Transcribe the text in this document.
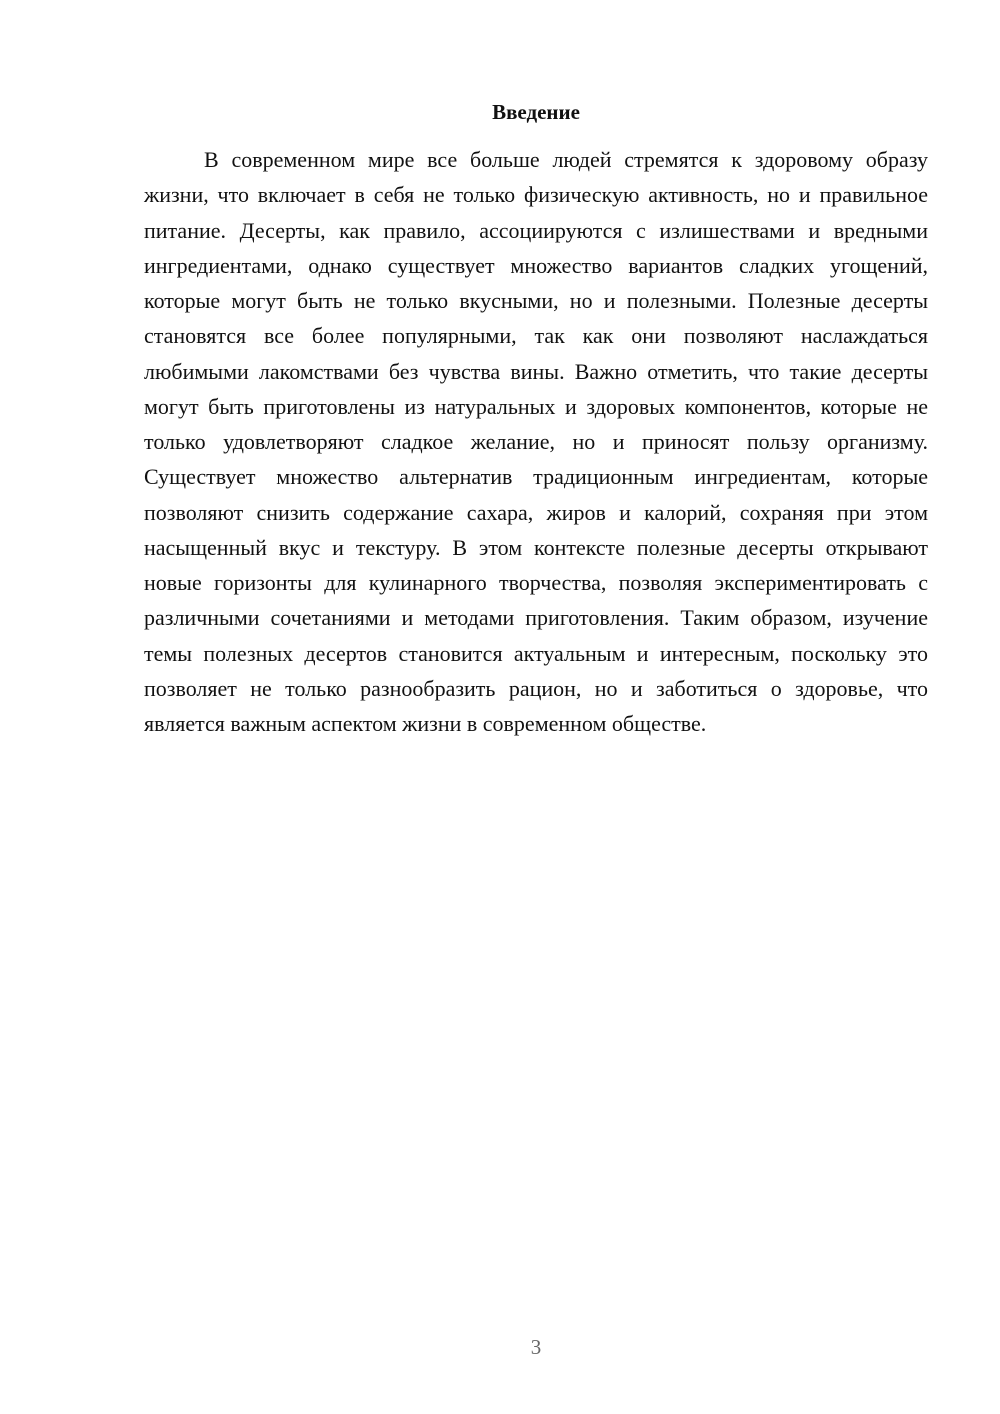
Введение

В современном мире все больше людей стремятся к здоровому образу жизни, что включает в себя не только физическую активность, но и правильное питание. Десерты, как правило, ассоциируются с излишествами и вредными ингредиентами, однако существует множество вариантов сладких угощений, которые могут быть не только вкусными, но и полезными. Полезные десерты становятся все более популярными, так как они позволяют наслаждаться любимыми лакомствами без чувства вины. Важно отметить, что такие десерты могут быть приготовлены из натуральных и здоровых компонентов, которые не только удовлетворяют сладкое желание, но и приносят пользу организму. Существует множество альтернатив традиционным ингредиентам, которые позволяют снизить содержание сахара, жиров и калорий, сохраняя при этом насыщенный вкус и текстуру. В этом контексте полезные десерты открывают новые горизонты для кулинарного творчества, позволяя экспериментировать с различными сочетаниями и методами приготовления. Таким образом, изучение темы полезных десертов становится актуальным и интересным, поскольку это позволяет не только разнообразить рацион, но и заботиться о здоровье, что является важным аспектом жизни в современном обществе.

3
